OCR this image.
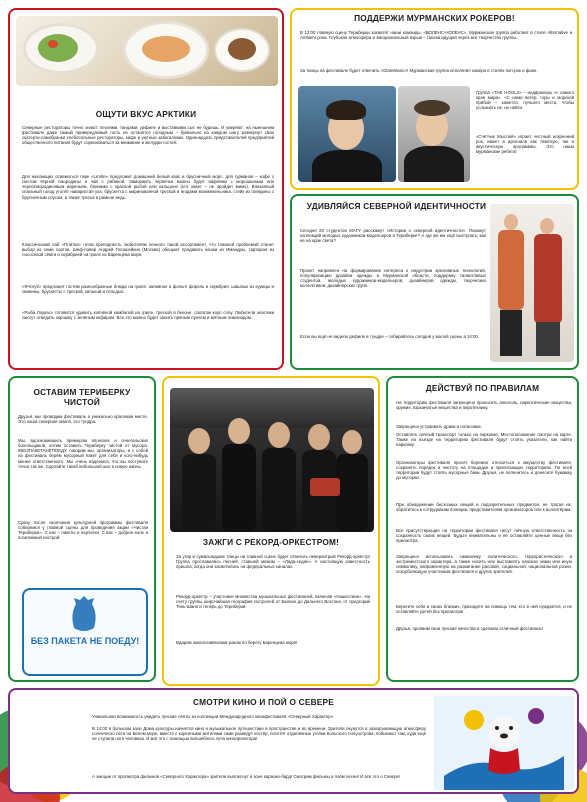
ОЩУТИ ВКУС АРКТИКИ
Северные рестораторы точно знают: песнями, танцами, дефиле и выставками сыт не будешь. И уверяют: на нынешнем фестивале даже самый привередливый гость не останется голодным – буквально на каждом шагу развернут свои скатерти-самобранки хлебосольные рестораторы, кафе и уютные забегаловки. Одиннадцать представителей предприятий общественного питания будут соревноваться за внимание и желудки гостей.
Для желающих освежиться mφe «LeVite» предложит домашний белый квас и брусничный морс, для гурманов – кофе с листом чёрной смородины и чай с рябиной. Замориить червячка можно будет вафлями с морошковым или черносмородиновым вареньем, блинами с красной рыбой или кальцоне (кто знает – не пройдет мимо). Внезапный спальный голод утолят наваристая уха, брускетта с маринованной треской и ягодами можжевельника, стейк из говядины с брусничным соусом, а также треска в рамене ведь.
Классический паб «Плитка» готов преподнесть любителям пенного такой ассортимент, что главной проблемой станет выбор из семи сортов. Шеф-повар Андрей Голошейкин (Москва) обещает продавать кошки из Имандры, тартаром из лососевой сёмги и скумбрией на гриле из Баренцева моря.
«Ф-Клуб» предложит гостям разнообразные блюда на гриле: заливное в фольге форель и скумбрия, шашлык из курицы и свинины, брускетты с треской, кильной и сельдью.
«Рыба Лоукас» готовится удивить копчёной камбалой на гриле, треской в беконе, салатом коул слоу. Любители экзотики смогут отведать окрошку с зелёным кефиром. Все это можно будет запить пряным лунчем и мятным лимонадом.
ПОДДЕРЖИ МУРМАНСКИХ РОКЕРОВ!
В 13:00 главную сцену Териберки захватят наши команды. «ВОЛЕНС-НОЛЕНС». Мурманская группа работает в стиле Alternative и Ambient рока. Глубокая атмосфера и эмоциональный взрыв – такова идущая через всё творчество группы.
За танцы на фестивале будет отвечать «GlamMusic»! Мурманская группа исполняет кавера в стилях поп-рок и фанк.
Группа «THE HOOLZ» – индирокеры «с самого края мира». «С нами ветер, горы и морской прибой – кажется, лучшего места, чтобы услышать их, не найти.
«Счётчик Мыслей» играет честный искренний рок, имеет в арсенале как тяжёлую, так и акустическую программы. Это наши мурманские ребята!
УДИВЛЯЙСЯ СЕВЕРНОЙ ИДЕНТИЧНОСТИ
Сегодня 20 студентов МАГУ расскажут «Истории о северной идентичности». Покажут коллекций молодых художников-модельеров в Териберке? А где же им ещё выступать, как не на крае света?
Проект направлен на формирование интереса к индустрии креативных технологий, популяризацию дизайна одежды в Мурманской области, поддержку талантливых студентов, молодых художников-модельеров, дизайнеров одежды, творческих коллективов, дизайнерских групп.
Если вы ещё не видели дефиле в тундре – собирайтесь сегодня у малой сцены в 14:00.
ОСТАВИМ ТЕРИБЕРКУ ЧИСТОЙ
Друзья, мы проводим фестиваль в уникально красивом месте. Это наша северная земля, это тундра.
Мы, вдохновившись примером японских и сенегальских болельщиков, хотим оставить Териберку чистой от мусора. #БЕЗПАКЕТАНЕПОЕДУ, говорим мы, организаторы, и с собой на фестиваль берём мусорный пакет для себя и кого-нибудь менее ответственного. Мы очень надеемся, что вы поступите точно так же. Сделайте такой небольшой шаг в новую жизнь.
Сразу после окончания культурной программы фестиваля соберемся у главной сцены для проведения акции «Чистая Териберка». С нас – пакеты и перчатки. С вас – доброе воле и позитивный настрой.
БЕЗ ПАКЕТА НЕ ПОЕДУ!
ЗАЖГИ С РЕКОРД-ОРКЕСТРОМ!
За угар и сумасшедшие танцы на главной сцене будет отвечать неверхитрый Рекорд-оркестр! Группа прославилась песней, ставшей мемом – «Лада-седан». А настоящую известность пришла, когда они засветились на федеральных каналах.
Рекорд-оркестр – участники множества музыкальных фестивалей, включая «Нашествие». На счету группы широчайшая география гастролей от Балкан до Дальнего Востока, от предгорий Тянь-Шаня и теперь до Териберки.
Вдарим южнославянским роком по берегу Баренцева моря!
ДЕЙСТВУЙ ПО ПРАВИЛАМ
На территорию фестиваля запрещено проносить алкоголь, наркотические вещества, оружие, взрывчатые вещества и пиротехнику.
Запрещено устраивать драки и потасовки.
Оставлять личный транспорт только на парковке. Местоположение смотри на карте. Также на въезде на территорию фестиваля будут стоять указатели, как найти парковку.
Организаторы фестиваля просят бережно относиться к имуществу фестиваля, сохранять порядок и чистоту на площадке и прилегающих территориях. По всей территории будут стоять мусорные баки. Друзья, не поленитесь и донесите бумажку до мусорки.
При обнаружении бесхозных вещей и подозрительных предметов, не трогая их, обратитесь к сотрудникам полиции, представителям организаторов или к волонтёрам.
Все присутствующие на территории фестиваля несут личную ответственность за сохранность своих вещей. Будьте внимательны и не оставляйте ценные вещи без присмотра.
Запрещено использовать символику политического, террористического и экстремистского характера, а также носить или выставлять напоказ знаки или иную символику, направленную на разжигание расовой, социальной, национальной розни, оскорбляющую участников фестиваля и других зрителей.
Берегите себя и своих близких, приходите на помощь тем, кто в ней нуждается, и не оставляйте детей без присмотра!
Друзья, проявим свои лучшие качества и сделаем отличный фестиваль!
СМОТРИ КИНО И ПОЙ О СЕВЕРЕ
Уникальная возможность увидеть лучшие ленты из коллекции Международного кинофестиваля «Северный Характер».
В 14:00 в большом зале Дома культуры начнётся кино и музыкальное путешествие в пространстве и во времени. Зрители окунутся в захватывающую атмосферу солнечного лета на Белом море, вместе с коренными жителями сами разведут костёр, посетят отдалённые уголки Кольского полуострова, побывают там, куда ещё не ступала нога человека. И всё это с помощью волшебного луча кинопроектора!
А эмоции от просмотра фильмов «Северного Характера» зрители выплеснут в зоне караоке-бард! Смотрим фильмы и поём песни! И всё это о Севере!
